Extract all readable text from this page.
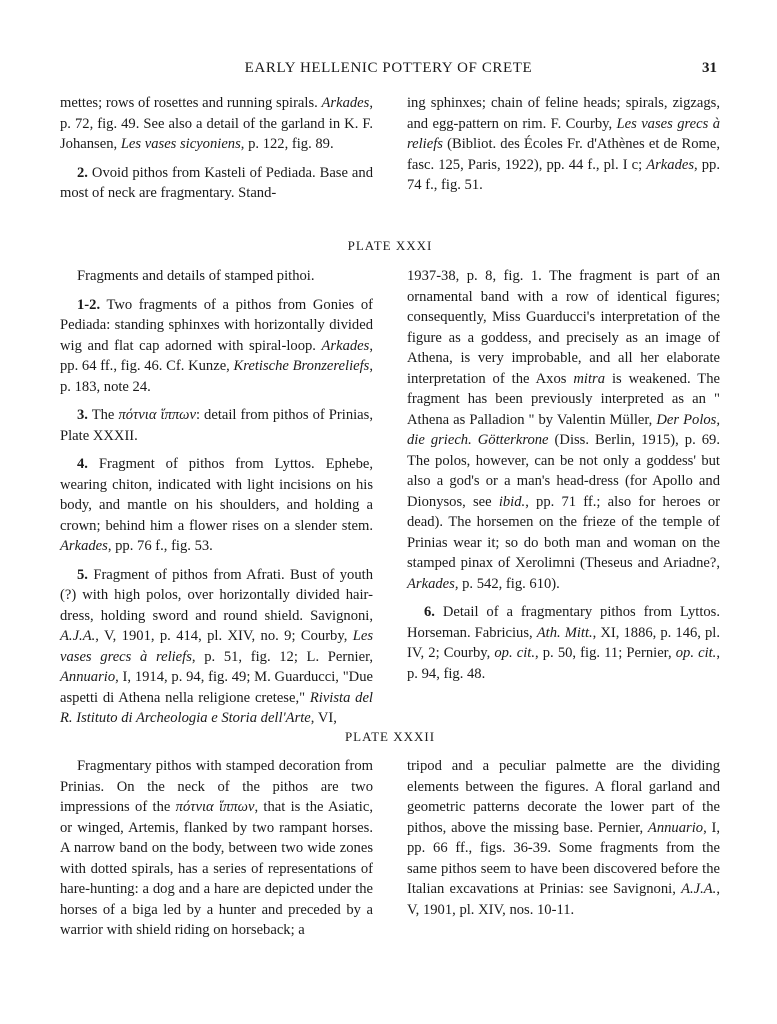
EARLY HELLENIC POTTERY OF CRETE	31

mettes; rows of rosettes and running spirals. Arkades, p. 72, fig. 49. See also a detail of the garland in K. F. Johansen, Les vases sicyoniens, p. 122, fig. 89.

2. Ovoid pithos from Kasteli of Pediada. Base and most of neck are fragmentary. Stand-

ing sphinxes; chain of feline heads; spirals, zigzags, and egg-pattern on rim. F. Courby, Les vases grecs à reliefs (Bibliot. des Écoles Fr. d'Athènes et de Rome, fasc. 125, Paris, 1922), pp. 44 f., pl. I c; Arkades, pp. 74 f., fig. 51.

PLATE XXXI

Fragments and details of stamped pithoi.

1-2. Two fragments of a pithos from Gonies of Pediada: standing sphinxes with horizontally divided wig and flat cap adorned with spiral-loop. Arkades, pp. 64 ff., fig. 46. Cf. Kunze, Kretische Bronzereliefs, p. 183, note 24.

3. The πότνια ἵππων: detail from pithos of Prinias, Plate XXXII.

4. Fragment of pithos from Lyttos. Ephebe, wearing chiton, indicated with light incisions on his body, and mantle on his shoulders, and holding a crown; behind him a flower rises on a slender stem. Arkades, pp. 76 f., fig. 53.

5. Fragment of pithos from Afrati. Bust of youth (?) with high polos, over horizontally divided hair-dress, holding sword and round shield. Savignoni, A.J.A., V, 1901, p. 414, pl. XIV, no. 9; Courby, Les vases grecs à reliefs, p. 51, fig. 12; L. Pernier, Annuario, I, 1914, p. 94, fig. 49; M. Guarducci, "Due aspetti di Athena nella religione cretese," Rivista del R. Istituto di Archeologia e Storia dell'Arte, VI,

1937-38, p. 8, fig. 1. The fragment is part of an ornamental band with a row of identical figures; consequently, Miss Guarducci's interpretation of the figure as a goddess, and precisely as an image of Athena, is very improbable, and all her elaborate interpretation of the Axos mitra is weakened. The fragment has been previously interpreted as an " Athena as Palladion " by Valentin Müller, Der Polos, die griech. Götterkrone (Diss. Berlin, 1915), p. 69. The polos, however, can be not only a goddess' but also a god's or a man's head-dress (for Apollo and Dionysos, see ibid., pp. 71 ff.; also for heroes or dead). The horsemen on the frieze of the temple of Prinias wear it; so do both man and woman on the stamped pinax of Xerolimni (Theseus and Ariadne?, Arkades, p. 542, fig. 610).

6. Detail of a fragmentary pithos from Lyttos. Horseman. Fabricius, Ath. Mitt., XI, 1886, p. 146, pl. IV, 2; Courby, op. cit., p. 50, fig. 11; Pernier, op. cit., p. 94, fig. 48.

PLATE XXXII

Fragmentary pithos with stamped decoration from Prinias. On the neck of the pithos are two impressions of the πότνια ἵππων, that is the Asiatic, or winged, Artemis, flanked by two rampant horses. A narrow band on the body, between two wide zones with dotted spirals, has a series of representations of hare-hunting: a dog and a hare are depicted under the horses of a biga led by a hunter and preceded by a warrior with shield riding on horseback; a

tripod and a peculiar palmette are the dividing elements between the figures. A floral garland and geometric patterns decorate the lower part of the pithos, above the missing base. Pernier, Annuario, I, pp. 66 ff., figs. 36-39. Some fragments from the same pithos seem to have been discovered before the Italian excavations at Prinias: see Savignoni, A.J.A., V, 1901, pl. XIV, nos. 10-11.
